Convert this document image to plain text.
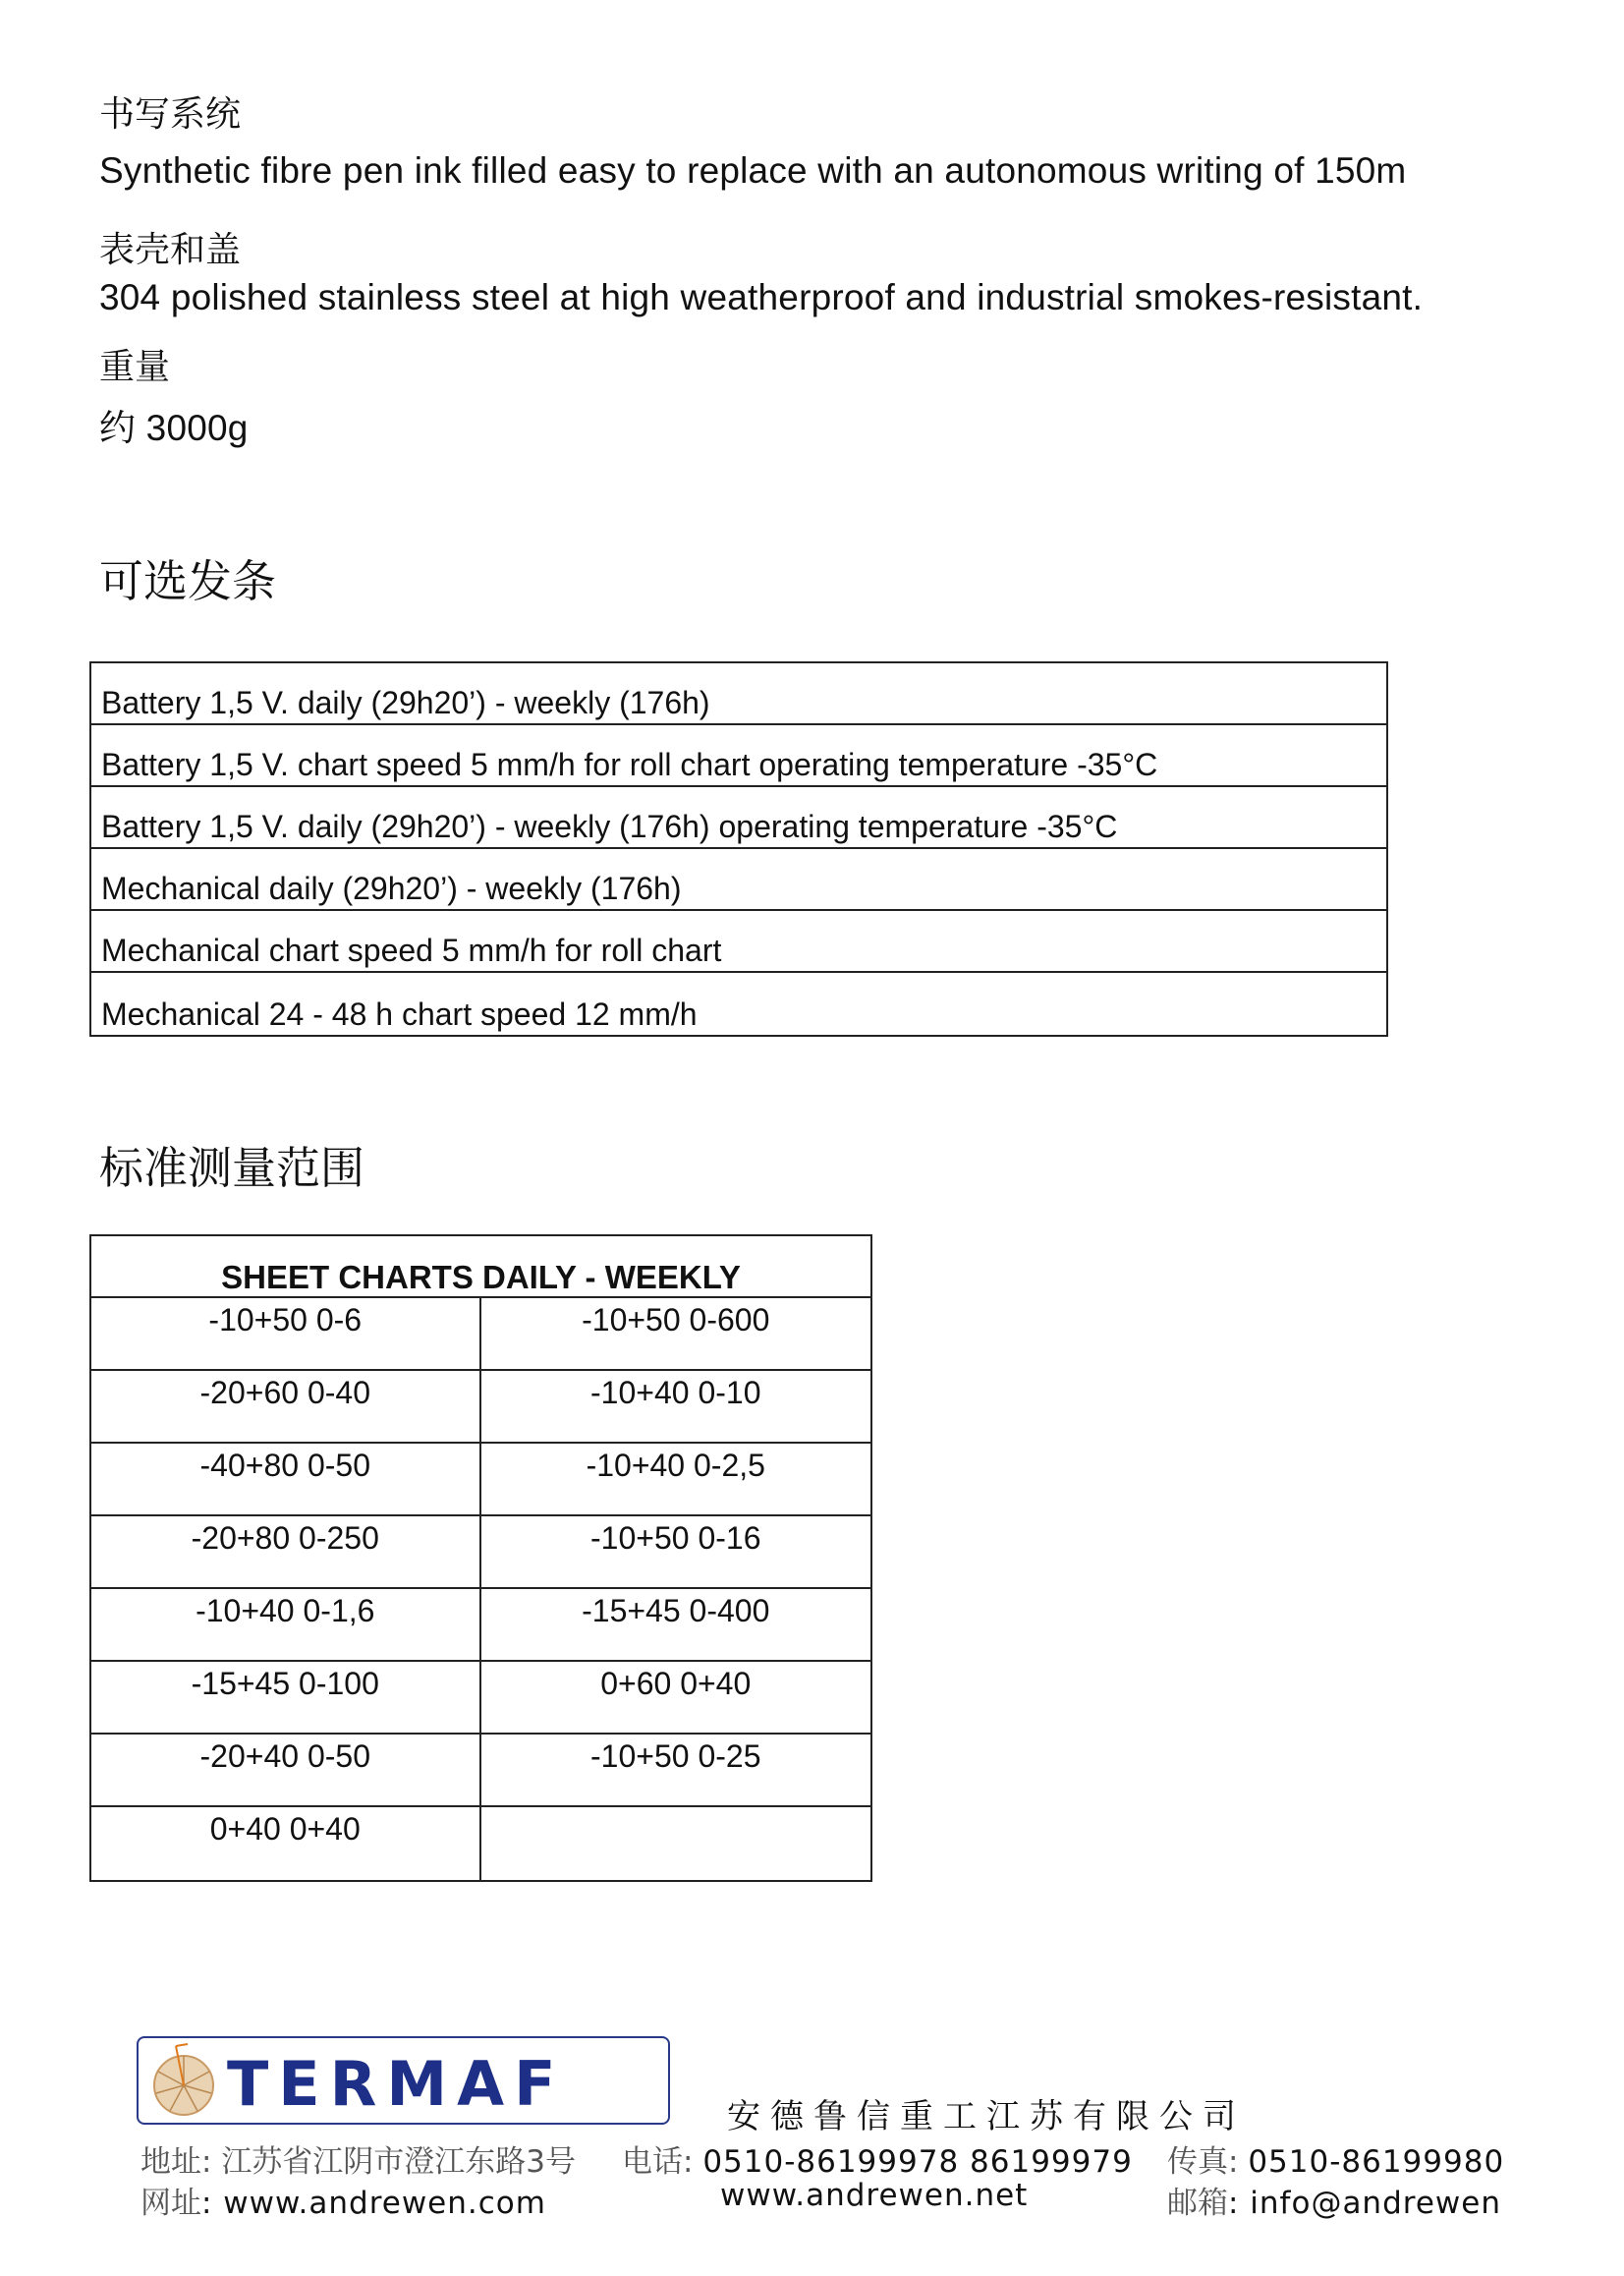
书写系统
Synthetic fibre pen ink filled easy to replace with an autonomous writing of 150m
表壳和盖
304 polished stainless steel at high weatherproof and industrial smokes-resistant.
重量
约 3000g
可选发条
Battery 1,5 V. daily (29h20’) - weekly (176h)
Battery 1,5 V. chart speed 5 mm/h for roll chart operating temperature -35°C
Battery 1,5 V. daily (29h20’) - weekly (176h) operating temperature -35°C
Mechanical daily (29h20’) - weekly (176h)
Mechanical chart speed 5 mm/h for roll chart
Mechanical 24 - 48 h chart speed 12 mm/h
标准测量范围
SHEET CHARTS DAILY - WEEKLY
-10+50 0-6	-10+50 0-600
-20+60 0-40	-10+40 0-10
-40+80 0-50	-10+40 0-2,5
-20+80 0-250	-10+50 0-16
-10+40 0-1,6	-15+45 0-400
-15+45 0-100	0+60 0+40
-20+40 0-50	-10+50 0-25
0+40 0+40
TERMAF	安德鲁信重工江苏有限公司
地址: 江苏省江阴市澄江东路3号 电话: 0510-86199978 86199979 传真: 0510-86199980
网址: www.andrewen.com	www.andrewen.net	邮箱: info@andrewen
